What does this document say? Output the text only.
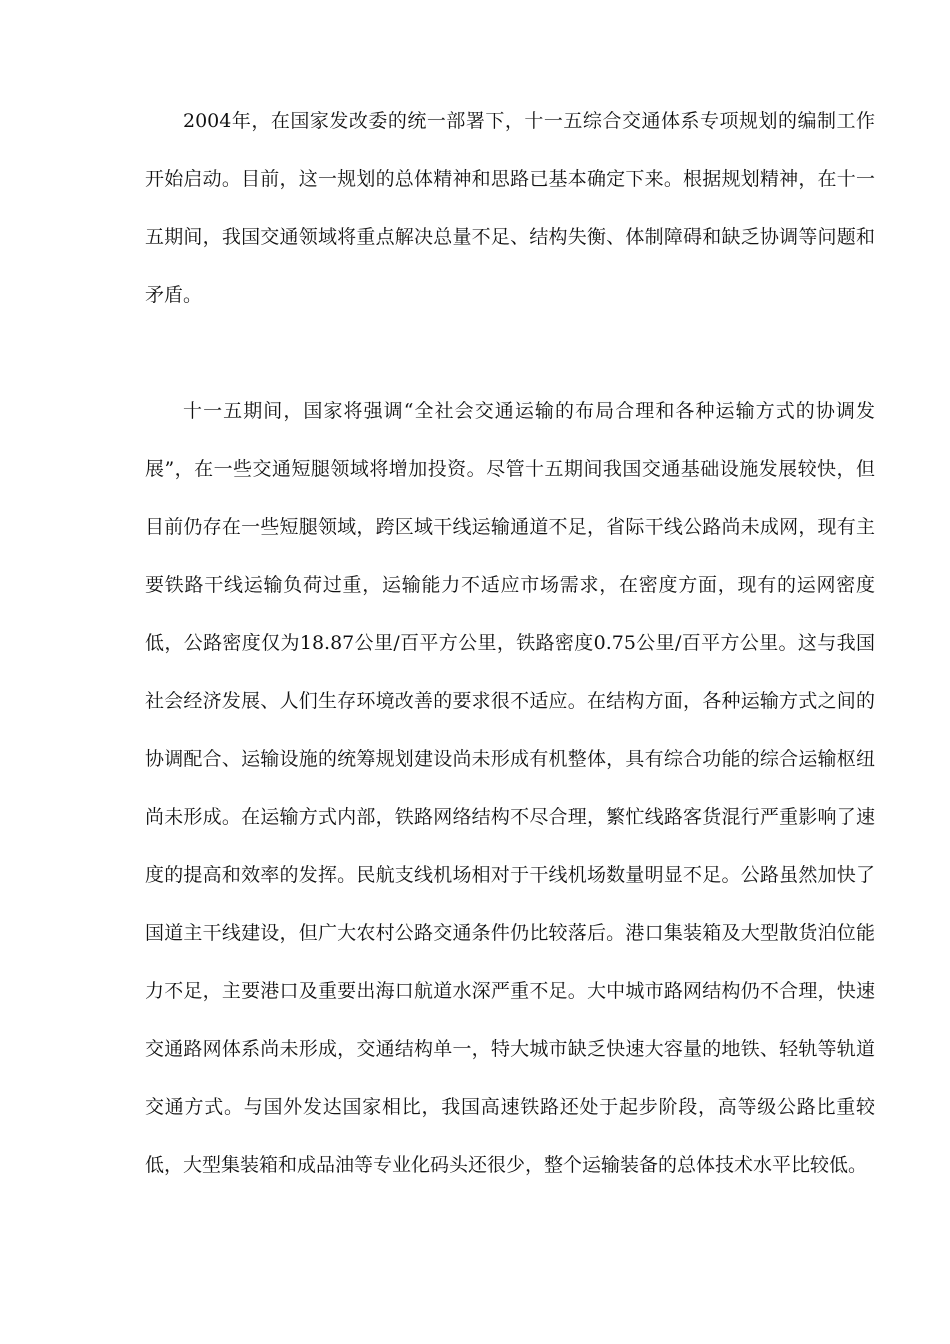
2004年，在国家发改委的统一部署下，十一五综合交通体系专项规划的编制工作开始启动。目前，这一规划的总体精神和思路已基本确定下来。根据规划精神，在十一五期间，我国交通领域将重点解决总量不足、结构失衡、体制障碍和缺乏协调等问题和矛盾。

十一五期间，国家将强调“全社会交通运输的布局合理和各种运输方式的协调发展”，在一些交通短腿领域将增加投资。尽管十五期间我国交通基础设施发展较快，但目前仍存在一些短腿领域，跨区域干线运输通道不足，省际干线公路尚未成网，现有主要铁路干线运输负荷过重，运输能力不适应市场需求，在密度方面，现有的运网密度低，公路密度仅为18.87公里/百平方公里，铁路密度0.75公里/百平方公里。这与我国社会经济发展、人们生存环境改善的要求很不适应。在结构方面，各种运输方式之间的协调配合、运输设施的统筹规划建设尚未形成有机整体，具有综合功能的综合运输枢纽尚未形成。在运输方式内部，铁路网络结构不尽合理，繁忙线路客货混行严重影响了速度的提高和效率的发挥。民航支线机场相对于干线机场数量明显不足。公路虽然加快了国道主干线建设，但广大农村公路交通条件仍比较落后。港口集装箱及大型散货泊位能力不足，主要港口及重要出海口航道水深严重不足。大中城市路网结构仍不合理，快速交通路网体系尚未形成，交通结构单一，特大城市缺乏快速大容量的地铁、轻轨等轨道交通方式。与国外发达国家相比，我国高速铁路还处于起步阶段，高等级公路比重较低，大型集装箱和成品油等专业化码头还很少，整个运输装备的总体技术水平比较低。
